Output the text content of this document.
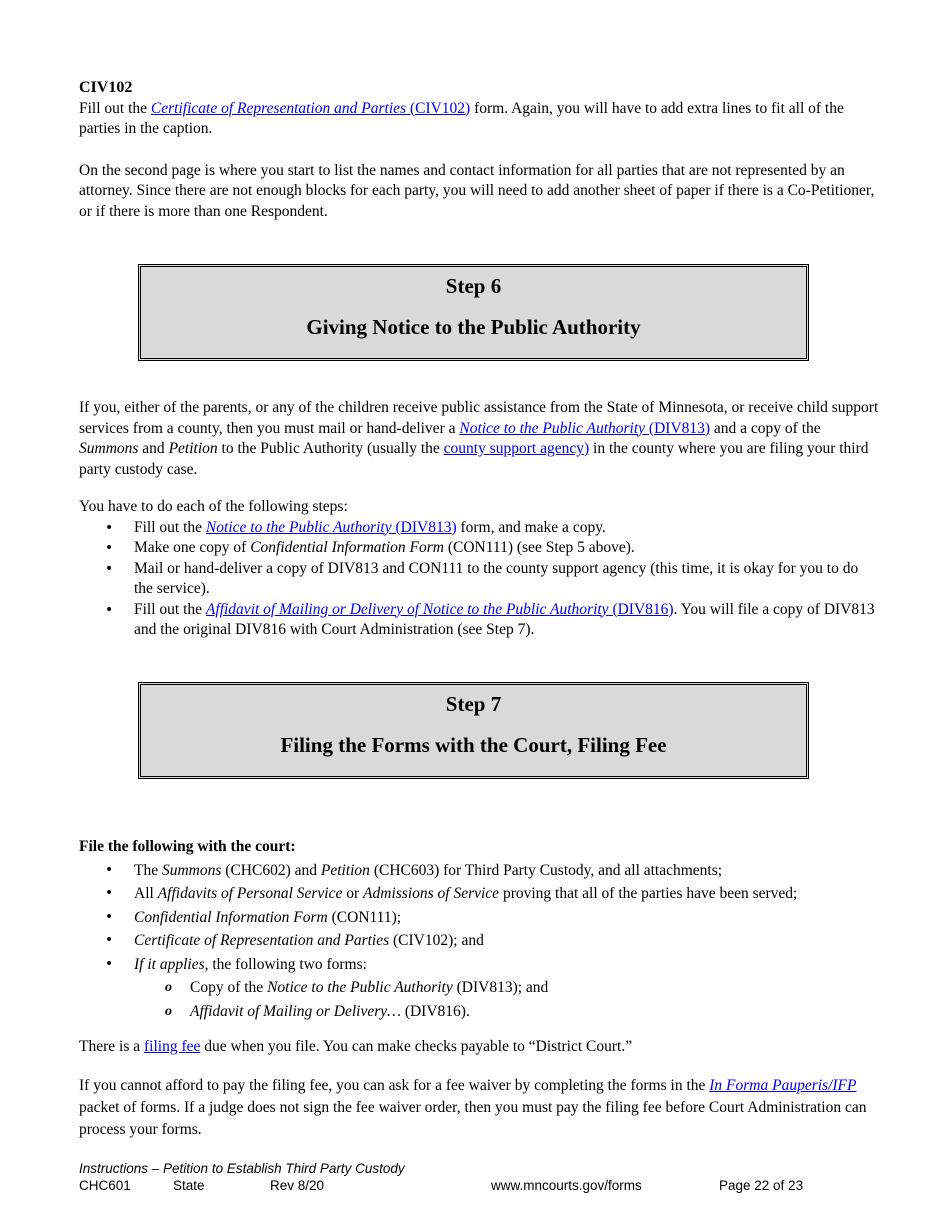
CIV102

Fill out the Certificate of Representation and Parties (CIV102) form. Again, you will have to add extra lines to fit all of the parties in the caption.

On the second page is where you start to list the names and contact information for all parties that are not represented by an attorney. Since there are not enough blocks for each party, you will need to add another sheet of paper if there is a Co-Petitioner, or if there is more than one Respondent.

Step 6
Giving Notice to the Public Authority

If you, either of the parents, or any of the children receive public assistance from the State of Minnesota, or receive child support services from a county, then you must mail or hand-deliver a Notice to the Public Authority (DIV813) and a copy of the Summons and Petition to the Public Authority (usually the county support agency) in the county where you are filing your third party custody case.

You have to do each of the following steps:

• Fill out the Notice to the Public Authority (DIV813) form, and make a copy.
• Make one copy of Confidential Information Form (CON111) (see Step 5 above).
• Mail or hand-deliver a copy of DIV813 and CON111 to the county support agency (this time, it is okay for you to do the service).
• Fill out the Affidavit of Mailing or Delivery of Notice to the Public Authority (DIV816). You will file a copy of DIV813 and the original DIV816 with Court Administration (see Step 7).
Step 7
Filing the Forms with the Court, Filing Fee
File the following with the court:
• The Summons (CHC602) and Petition (CHC603) for Third Party Custody, and all attachments;
• All Affidavits of Personal Service or Admissions of Service proving that all of the parties have been served;
• Confidential Information Form (CON111);
• Certificate of Representation and Parties (CIV102); and
• If it applies, the following two forms:
o Copy of the Notice to the Public Authority (DIV813); and
o Affidavit of Mailing or Delivery… (DIV816).

There is a filing fee due when you file. You can make checks payable to “District Court.”

If you cannot afford to pay the filing fee, you can ask for a fee waiver by completing the forms in the In Forma Pauperis/IFP packet of forms. If a judge does not sign the fee waiver order, then you must pay the filing fee before Court Administration can process your forms.

Instructions – Petition to Establish Third Party Custody
CHC601	State	Rev 8/20	www.mncourts.gov/forms	Page 22 of 23
